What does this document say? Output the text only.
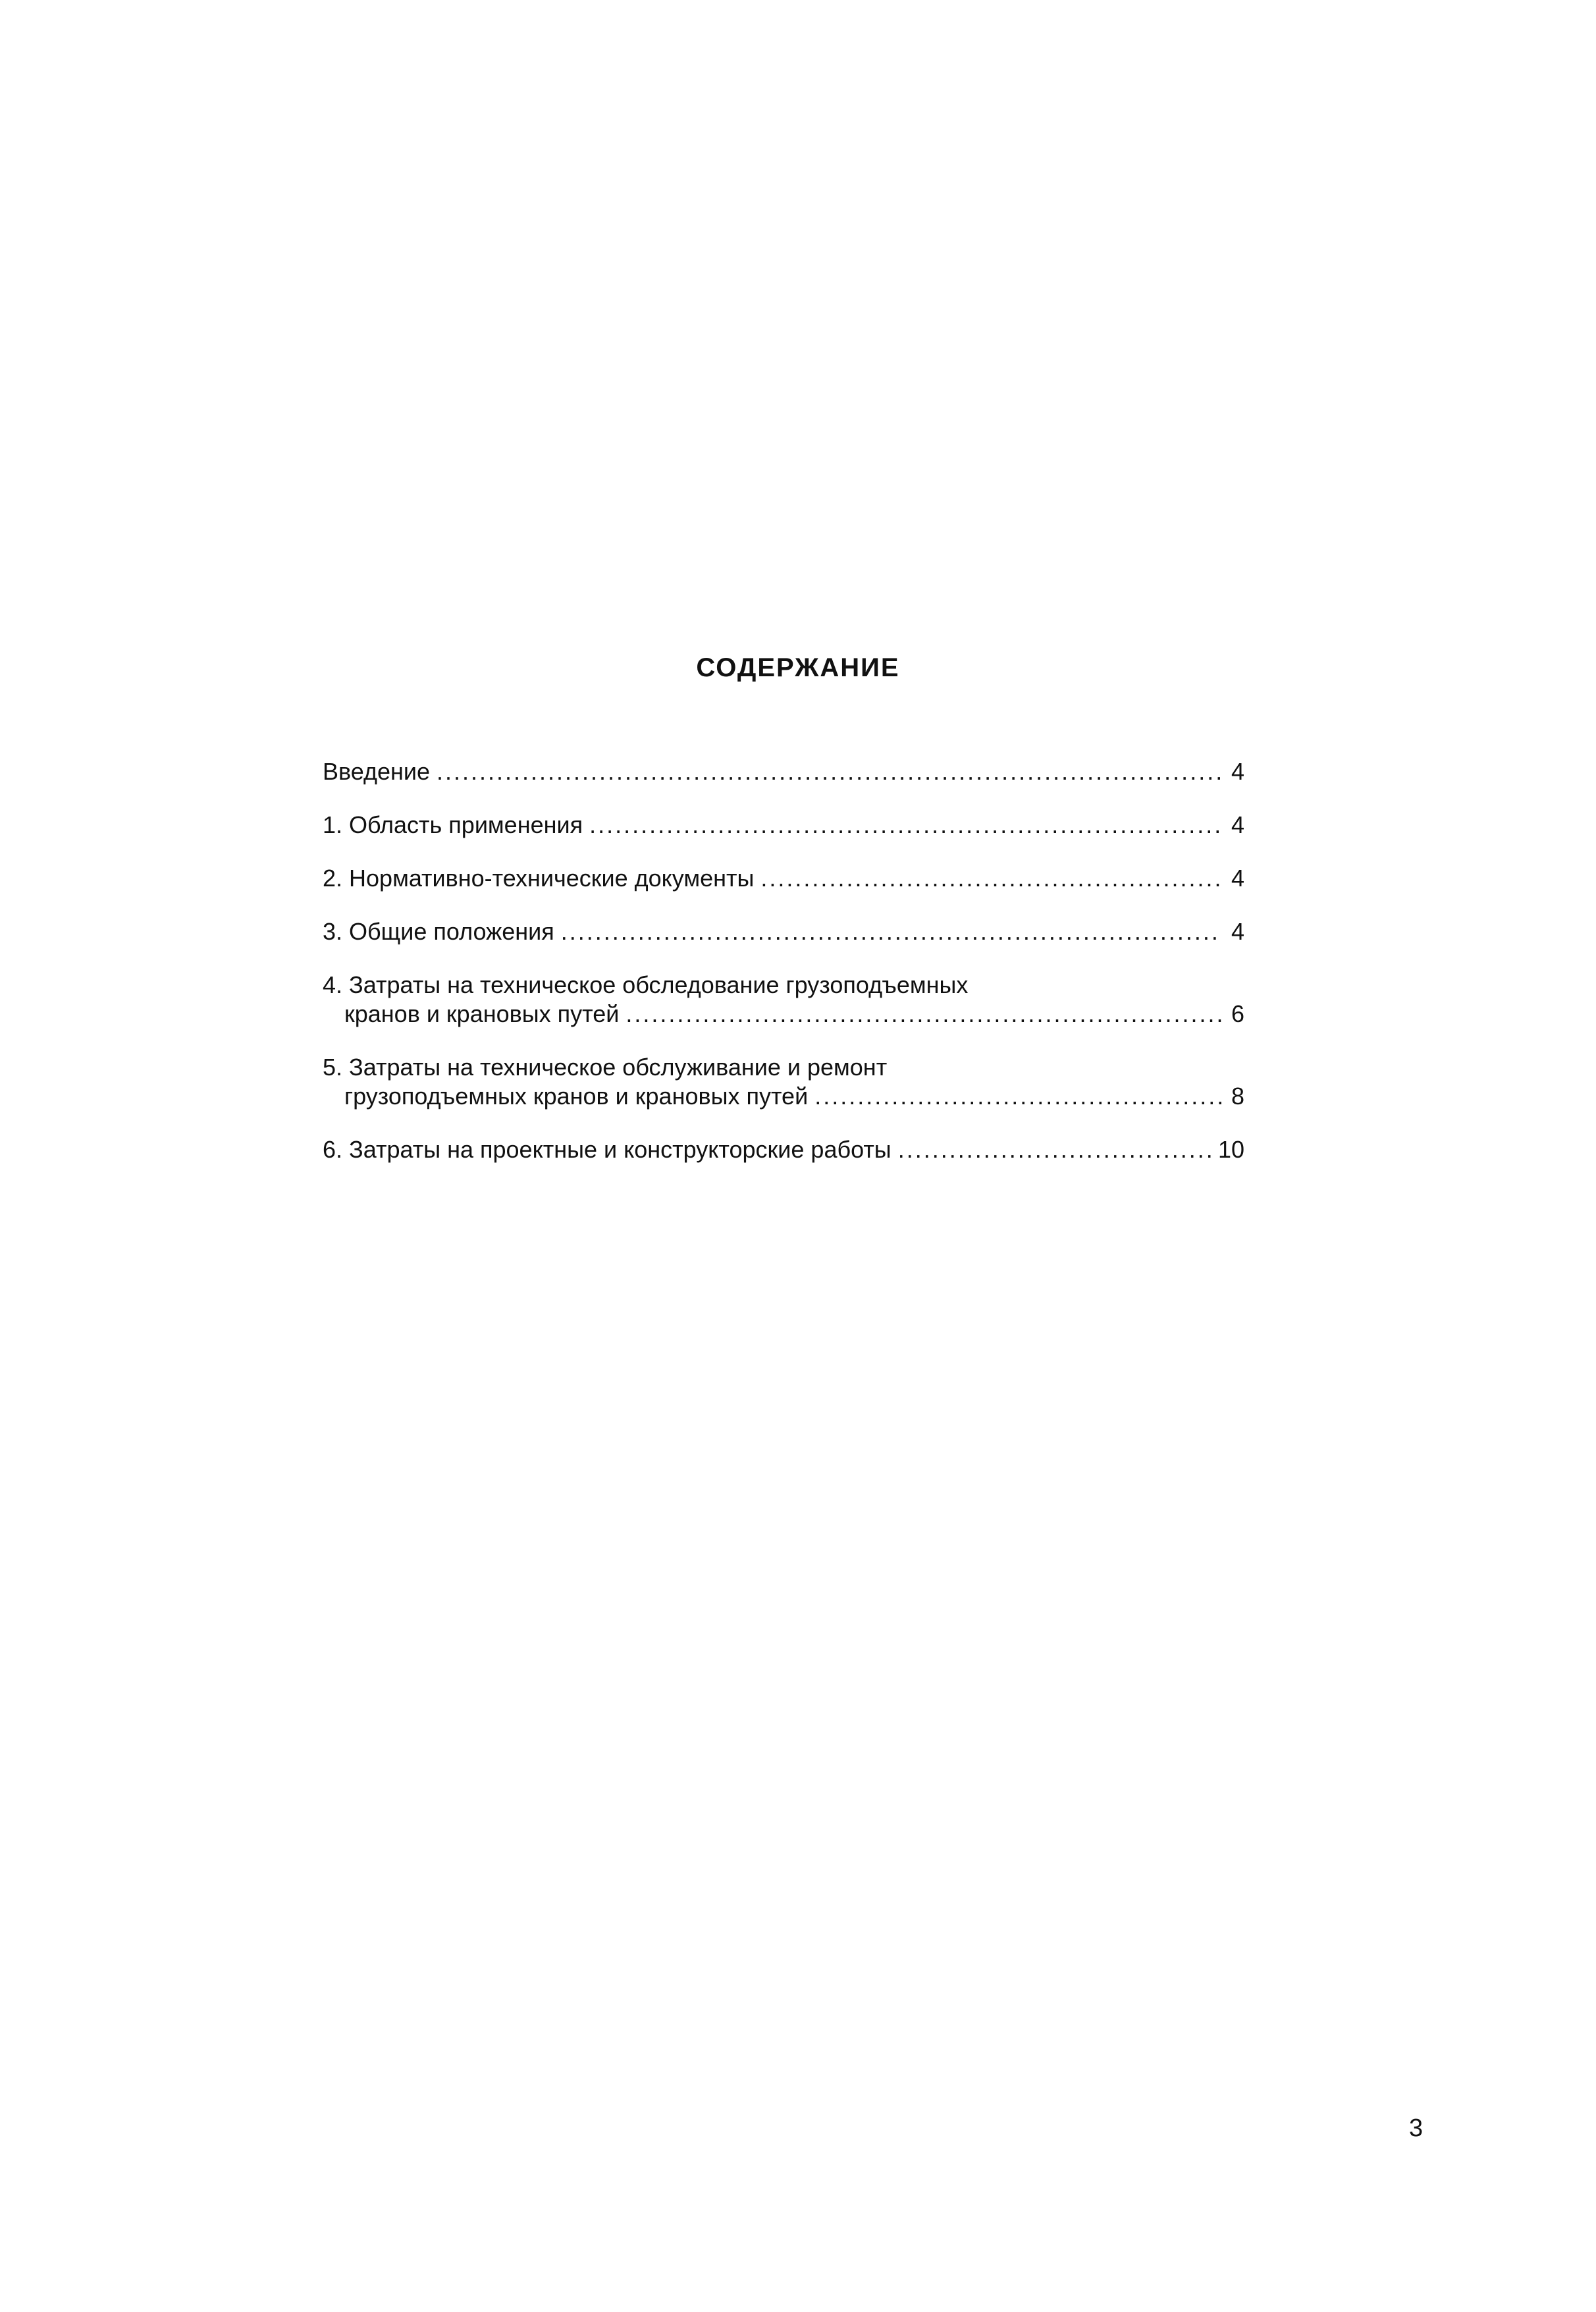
СОДЕРЖАНИЕ
Введение .....	4
1. Область применения .....	4
2. Нормативно-технические документы .....	4
3. Общие положения .....	4
4. Затраты на техническое обследование грузоподъемных
кранов и крановых путей .....	6
5. Затраты на техническое обслуживание и ремонт
грузоподъемных кранов и крановых путей .....	8
6. Затраты на проектные и конструкторские работы .....	10
3
